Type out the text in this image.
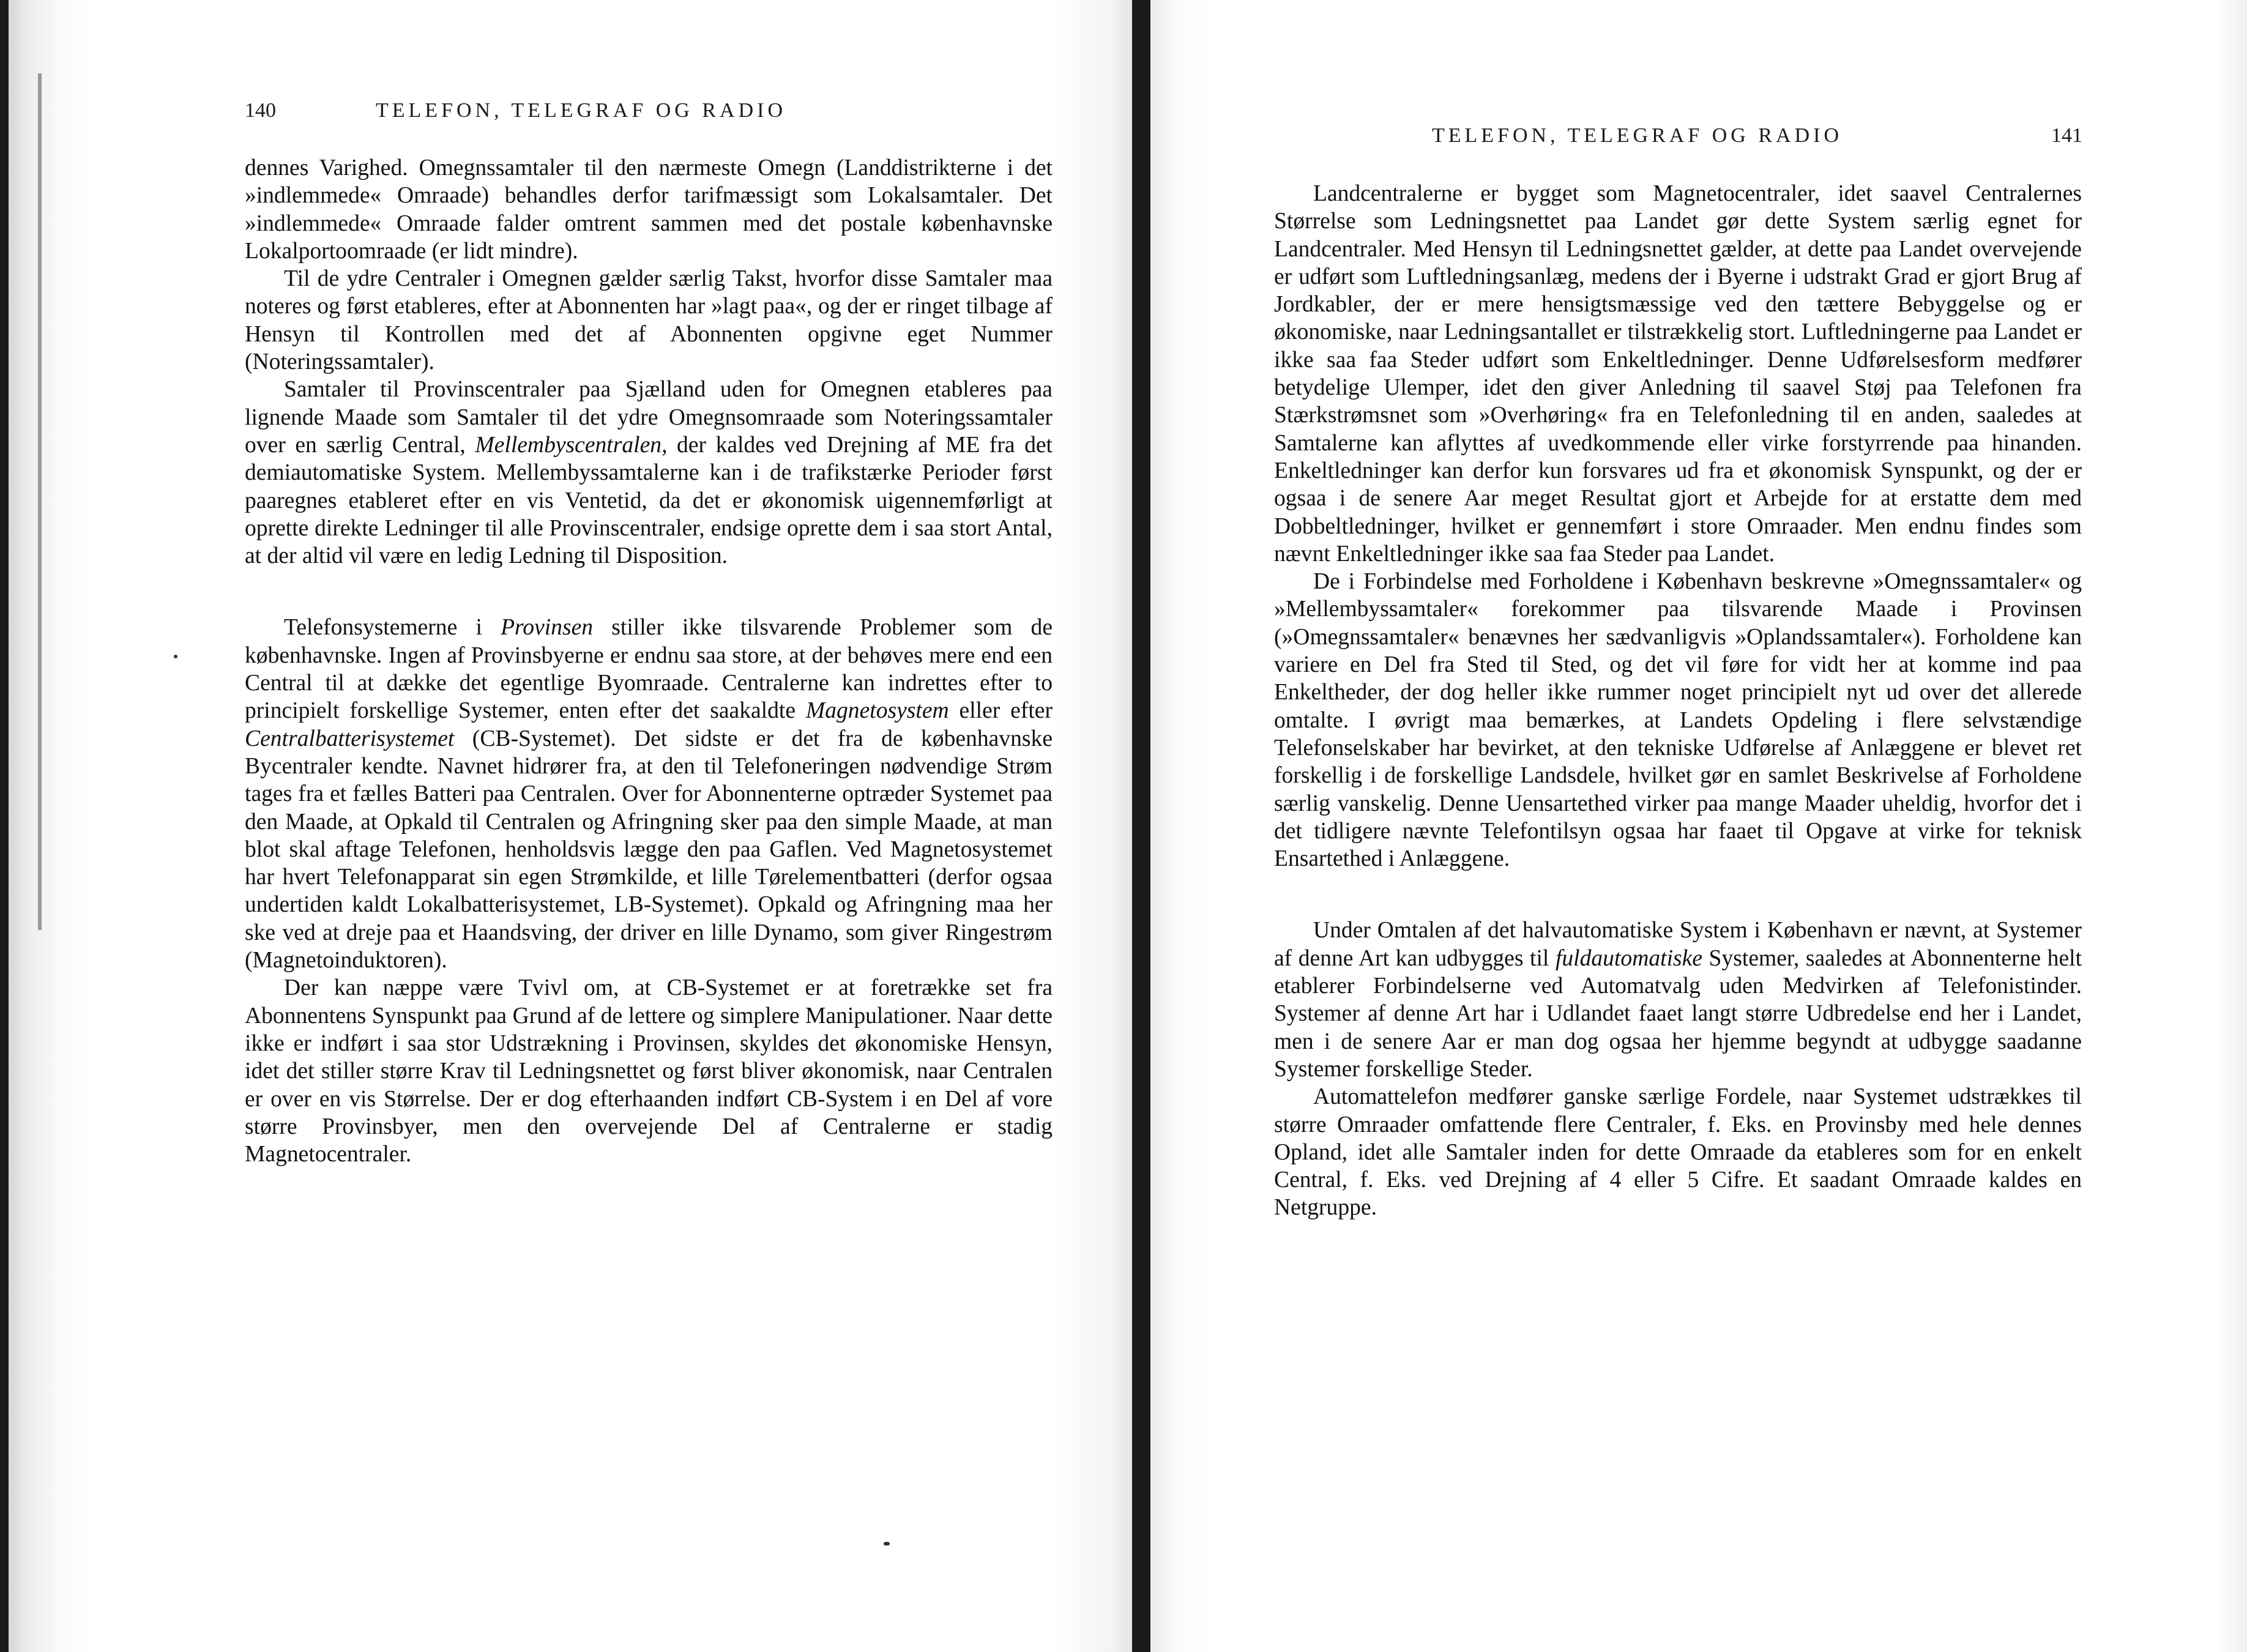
140	TELEFON, TELEGRAF OG RADIO

dennes Varighed. Omegnssamtaler til den nærmeste Omegn (Landdistrikterne i det »indlemmede« Omraade) behandles derfor tarifmæssigt som Lokalsamtaler. Det »indlemmede« Omraade falder omtrent sammen med det postale københavnske Lokalportoomraade (er lidt mindre).

Til de ydre Centraler i Omegnen gælder særlig Takst, hvorfor disse Samtaler maa noteres og først etableres, efter at Abonnenten har »lagt paa«, og der er ringet tilbage af Hensyn til Kontrollen med det af Abonnenten opgivne eget Nummer (Noteringssamtaler).

Samtaler til Provinscentraler paa Sjælland uden for Omegnen etableres paa lignende Maade som Samtaler til det ydre Omegnsomraade som Noteringssamtaler over en særlig Central, Mellembyscentralen, der kaldes ved Drejning af ME fra det demiautomatiske System. Mellembyssamtalerne kan i de trafikstærke Perioder først paaregnes etableret efter en vis Ventetid, da det er økonomisk uigennemførligt at oprette direkte Ledninger til alle Provinscentraler, endsige oprette dem i saa stort Antal, at der altid vil være en ledig Ledning til Disposition.

Telefonsystemerne i Provinsen stiller ikke tilsvarende Problemer som de københavnske. Ingen af Provinsbyerne er endnu saa store, at der behøves mere end een Central til at dække det egentlige Byomraade. Centralerne kan indrettes efter to principielt forskellige Systemer, enten efter det saakaldte Magnetosystem eller efter Centralbatterisystemet (CB-Systemet). Det sidste er det fra de københavnske Bycentraler kendte. Navnet hidrører fra, at den til Telefoneringen nødvendige Strøm tages fra et fælles Batteri paa Centralen. Over for Abonnenterne optræder Systemet paa den Maade, at Opkald til Centralen og Afringning sker paa den simple Maade, at man blot skal aftage Telefonen, henholdsvis lægge den paa Gaflen. Ved Magnetosystemet har hvert Telefonapparat sin egen Strømkilde, et lille Tørelementbatteri (derfor ogsaa undertiden kaldt Lokalbatterisystemet, LB-Systemet). Opkald og Afringning maa her ske ved at dreje paa et Haandsving, der driver en lille Dynamo, som giver Ringestrøm (Magnetoinduktoren).

Der kan næppe være Tvivl om, at CB-Systemet er at foretrække set fra Abonnentens Synspunkt paa Grund af de lettere og simplere Manipulationer. Naar dette ikke er indført i saa stor Udstrækning i Provinsen, skyldes det økonomiske Hensyn, idet det stiller større Krav til Ledningsnettet og først bliver økonomisk, naar Centralen er over en vis Størrelse. Der er dog efterhaanden indført CB-System i en Del af vore større Provinsbyer, men den overvejende Del af Centralerne er stadig Magnetocentraler.

TELEFON, TELEGRAF OG RADIO	141

Landcentralerne er bygget som Magnetocentraler, idet saavel Centralernes Størrelse som Ledningsnettet paa Landet gør dette System særlig egnet for Landcentraler. Med Hensyn til Ledningsnettet gælder, at dette paa Landet overvejende er udført som Luftledningsanlæg, medens der i Byerne i udstrakt Grad er gjort Brug af Jordkabler, der er mere hensigtsmæssige ved den tættere Bebyggelse og er økonomiske, naar Ledningsantallet er tilstrækkelig stort. Luftledningerne paa Landet er ikke saa faa Steder udført som Enkeltledninger. Denne Udførelsesform medfører betydelige Ulemper, idet den giver Anledning til saavel Støj paa Telefonen fra Stærkstrømsnet som »Overhøring« fra en Telefonledning til en anden, saaledes at Samtalerne kan aflyttes af uvedkommende eller virke forstyrrende paa hinanden. Enkeltledninger kan derfor kun forsvares ud fra et økonomisk Synspunkt, og der er ogsaa i de senere Aar meget Resultat gjort et Arbejde for at erstatte dem med Dobbeltledninger, hvilket er gennemført i store Omraader. Men endnu findes som nævnt Enkeltledninger ikke saa faa Steder paa Landet.

De i Forbindelse med Forholdene i København beskrevne »Omegnssamtaler« og »Mellembyssamtaler« forekommer paa tilsvarende Maade i Provinsen (»Omegnssamtaler« benævnes her sædvanligvis »Oplandssamtaler«). Forholdene kan variere en Del fra Sted til Sted, og det vil føre for vidt her at komme ind paa Enkeltheder, der dog heller ikke rummer noget principielt nyt ud over det allerede omtalte. I øvrigt maa bemærkes, at Landets Opdeling i flere selvstændige Telefonselskaber har bevirket, at den tekniske Udførelse af Anlæggene er blevet ret forskellig i de forskellige Landsdele, hvilket gør en samlet Beskrivelse af Forholdene særlig vanskelig. Denne Uensartethed virker paa mange Maader uheldig, hvorfor det i det tidligere nævnte Telefontilsyn ogsaa har faaet til Opgave at virke for teknisk Ensartethed i Anlæggene.

Under Omtalen af det halvautomatiske System i København er nævnt, at Systemer af denne Art kan udbygges til fuldautomatiske Systemer, saaledes at Abonnenterne helt etablerer Forbindelserne ved Automatvalg uden Medvirken af Telefonistinder. Systemer af denne Art har i Udlandet faaet langt større Udbredelse end her i Landet, men i de senere Aar er man dog ogsaa her hjemme begyndt at udbygge saadanne Systemer forskellige Steder.

Automattelefon medfører ganske særlige Fordele, naar Systemet udstrækkes til større Omraader omfattende flere Centraler, f. Eks. en Provinsby med hele dennes Opland, idet alle Samtaler inden for dette Omraade da etableres som for en enkelt Central, f. Eks. ved Drejning af 4 eller 5 Cifre. Et saadant Omraade kaldes en Netgruppe.
